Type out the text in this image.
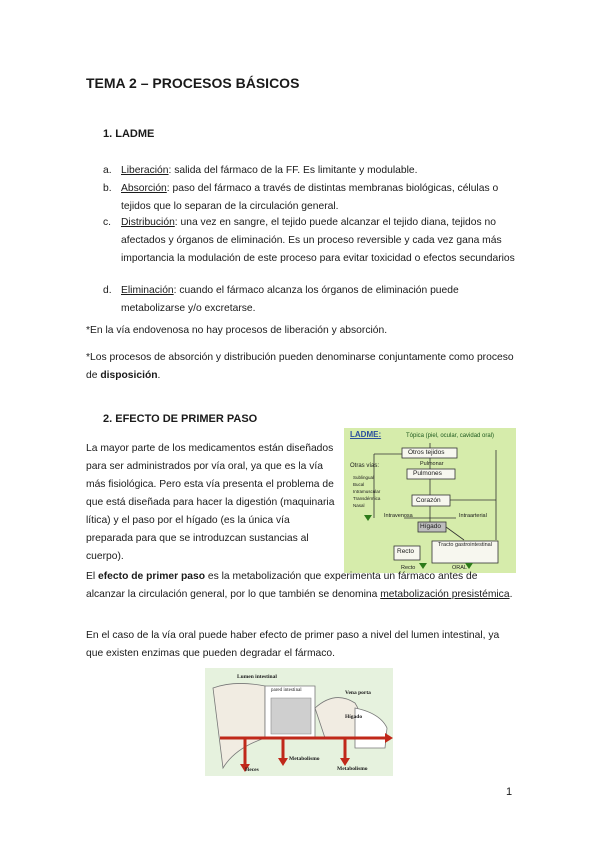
TEMA 2 – PROCESOS BÁSICOS
1. LADME
a. Liberación: salida del fármaco de la FF. Es limitante y modulable.
b. Absorción: paso del fármaco a través de distintas membranas biológicas, células o tejidos que lo separan de la circulación general.
c. Distribución: una vez en sangre, el tejido puede alcanzar el tejido diana, tejidos no afectados y órganos de eliminación. Es un proceso reversible y cada vez gana más importancia la modulación de este proceso para evitar toxicidad o efectos secundarios
d. Eliminación: cuando el fármaco alcanza los órganos de eliminación puede metabolizarse y/o excretarse.
*En la vía endovenosa no hay procesos de liberación y absorción.
*Los procesos de absorción y distribución pueden denominarse conjuntamente como proceso de disposición.
2. EFECTO DE PRIMER PASO
La mayor parte de los medicamentos están diseñados para ser administrados por vía oral, ya que es la vía más fisiológica. Pero esta vía presenta el problema de que está diseñada para hacer la digestión (maquinaria lítica) y el paso por el hígado (es la única vía preparada para que se introduzcan sustancias al cuerpo).
LADME:	Tópica (piel, ocular, cavidad oral)
Otros tejidos
Pulmonar
Pulmones
Otras vías:
Sublingual
Bucal
Intramuscular
Transdérmica
Nasal
Corazón
Intravenosa	Intraarterial
Hígado
Tracto gastrointestinal
Recto
Recto	ORAL
El efecto de primer paso es la metabolización que experimenta un fármaco antes de alcanzar la circulación general, por lo que también se denomina metabolización presistémica.
En el caso de la vía oral puede haber efecto de primer paso a nivel del lumen intestinal, ya que existen enzimas que pueden degradar el fármaco.
Lumen intestinal
pared intestinal	Vena porta
Hígado
Metabolismo
Metabolismo
Heces
1
